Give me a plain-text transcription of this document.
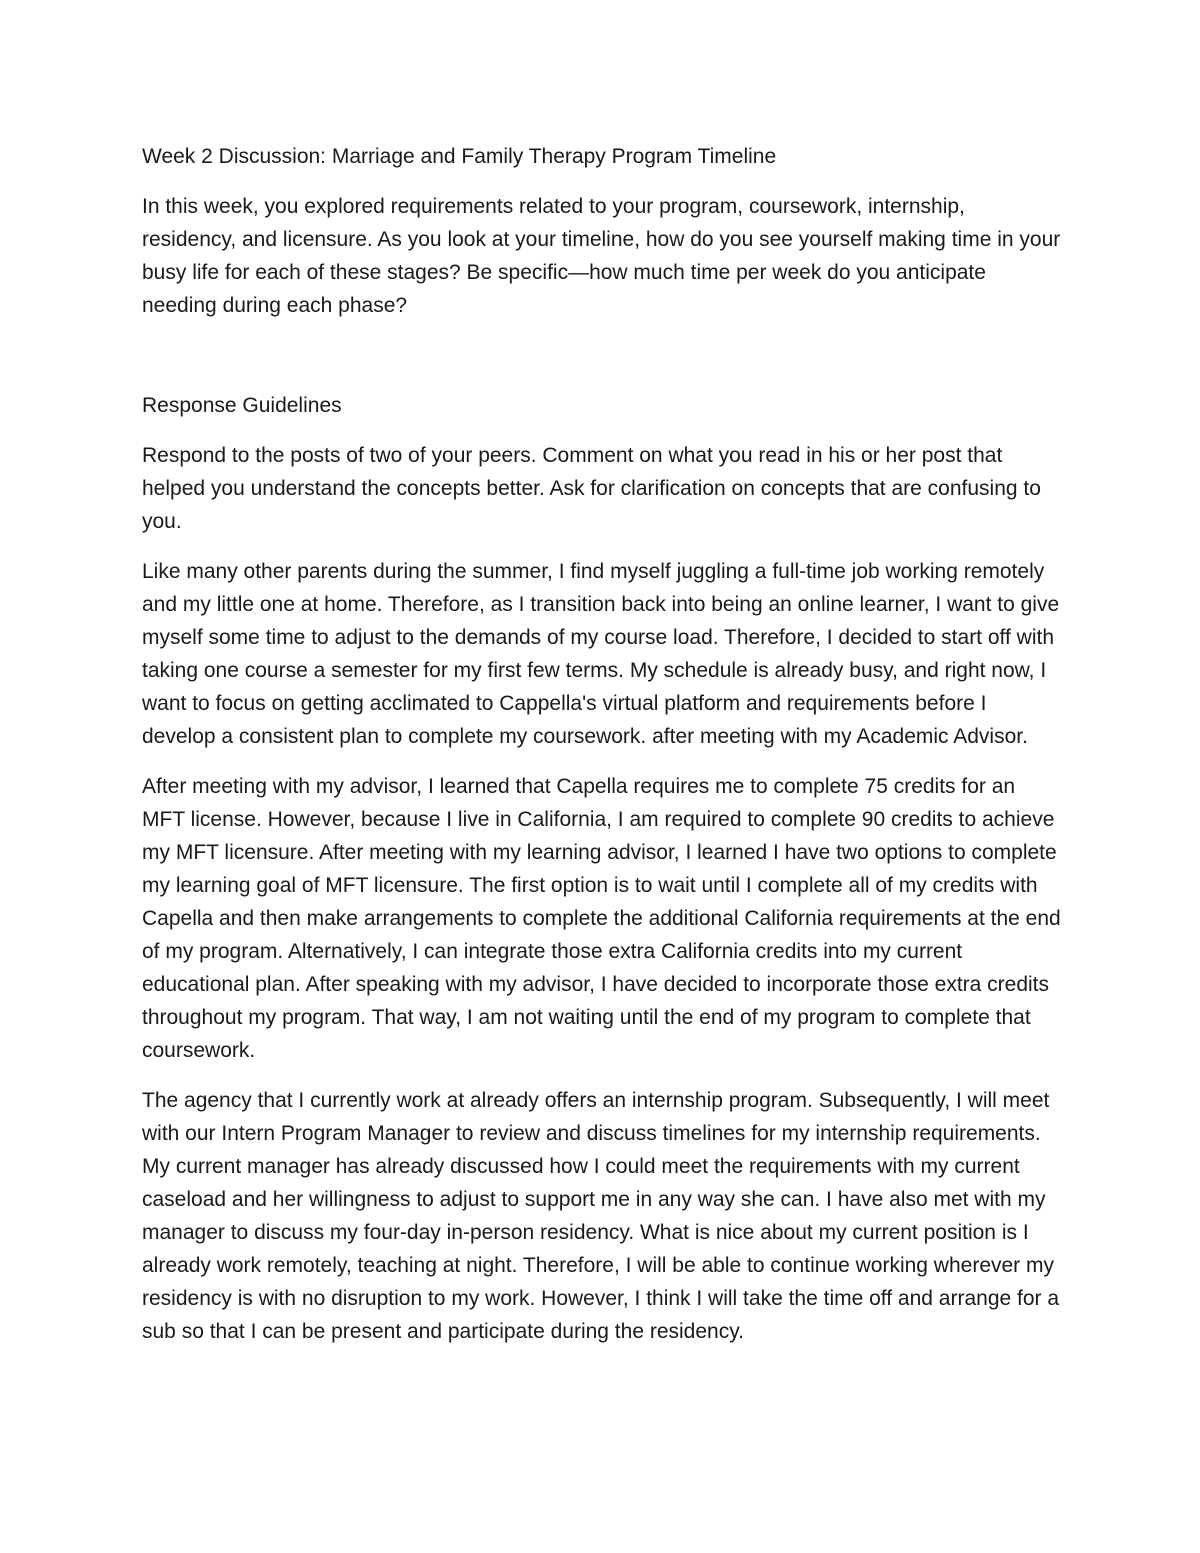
Week 2 Discussion: Marriage and Family Therapy Program Timeline

In this week, you explored requirements related to your program, coursework, internship, residency, and licensure. As you look at your timeline, how do you see yourself making time in your busy life for each of these stages? Be specific—how much time per week do you anticipate needing during each phase?

Response Guidelines

Respond to the posts of two of your peers. Comment on what you read in his or her post that helped you understand the concepts better. Ask for clarification on concepts that are confusing to you.

Like many other parents during the summer, I find myself juggling a full-time job working remotely and my little one at home. Therefore, as I transition back into being an online learner, I want to give myself some time to adjust to the demands of my course load. Therefore, I decided to start off with taking one course a semester for my first few terms. My schedule is already busy, and right now, I want to focus on getting acclimated to Cappella's virtual platform and requirements before I develop a consistent plan to complete my coursework. after meeting with my Academic Advisor.

After meeting with my advisor, I learned that Capella requires me to complete 75 credits for an MFT license. However, because I live in California, I am required to complete 90 credits to achieve my MFT licensure. After meeting with my learning advisor, I learned I have two options to complete my learning goal of MFT licensure. The first option is to wait until I complete all of my credits with Capella and then make arrangements to complete the additional California requirements at the end of my program. Alternatively, I can integrate those extra California credits into my current educational plan. After speaking with my advisor, I have decided to incorporate those extra credits throughout my program. That way, I am not waiting until the end of my program to complete that coursework.

The agency that I currently work at already offers an internship program. Subsequently, I will meet with our Intern Program Manager to review and discuss timelines for my internship requirements. My current manager has already discussed how I could meet the requirements with my current caseload and her willingness to adjust to support me in any way she can. I have also met with my manager to discuss my four-day in-person residency. What is nice about my current position is I already work remotely, teaching at night. Therefore, I will be able to continue working wherever my residency is with no disruption to my work. However, I think I will take the time off and arrange for a sub so that I can be present and participate during the residency.
